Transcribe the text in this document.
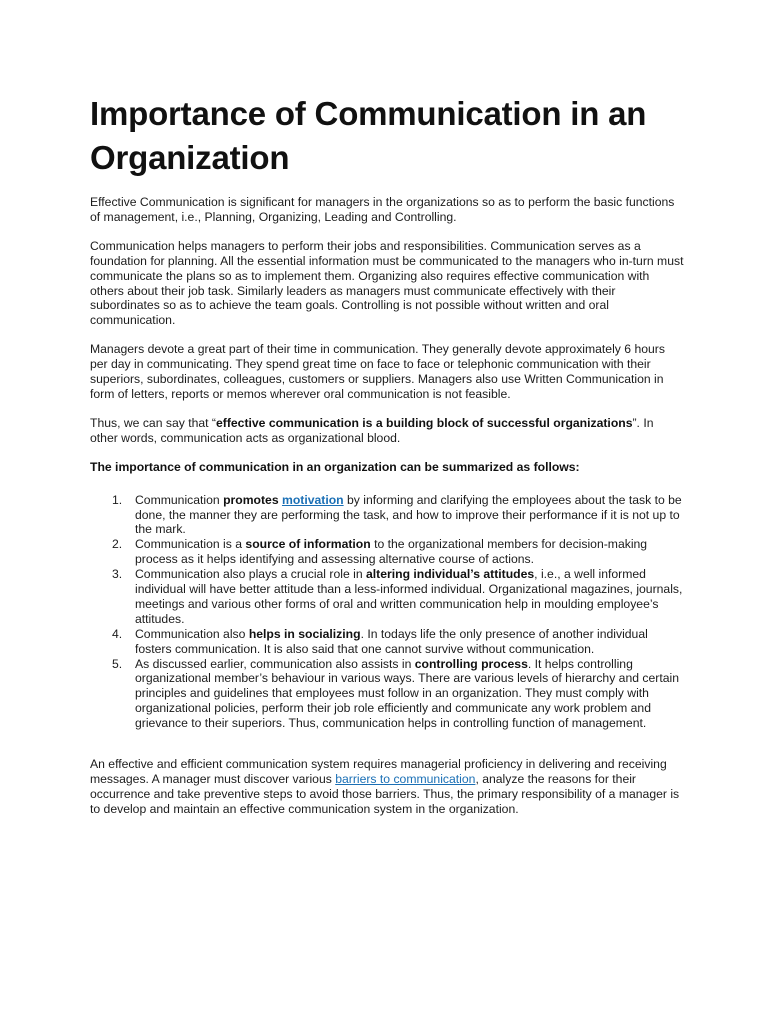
Importance of Communication in an Organization

Effective Communication is significant for managers in the organizations so as to perform the basic functions of management, i.e., Planning, Organizing, Leading and Controlling.

Communication helps managers to perform their jobs and responsibilities. Communication serves as a foundation for planning. All the essential information must be communicated to the managers who in-turn must communicate the plans so as to implement them. Organizing also requires effective communication with others about their job task. Similarly leaders as managers must communicate effectively with their subordinates so as to achieve the team goals. Controlling is not possible without written and oral communication.

Managers devote a great part of their time in communication. They generally devote approximately 6 hours per day in communicating. They spend great time on face to face or telephonic communication with their superiors, subordinates, colleagues, customers or suppliers. Managers also use Written Communication in form of letters, reports or memos wherever oral communication is not feasible.

Thus, we can say that “effective communication is a building block of successful organizations”. In other words, communication acts as organizational blood.

The importance of communication in an organization can be summarized as follows:

1. Communication promotes motivation by informing and clarifying the employees about the task to be done, the manner they are performing the task, and how to improve their performance if it is not up to the mark.
2. Communication is a source of information to the organizational members for decision-making process as it helps identifying and assessing alternative course of actions.
3. Communication also plays a crucial role in altering individual’s attitudes, i.e., a well informed individual will have better attitude than a less-informed individual. Organizational magazines, journals, meetings and various other forms of oral and written communication help in moulding employee’s attitudes.
4. Communication also helps in socializing. In todays life the only presence of another individual fosters communication. It is also said that one cannot survive without communication.
5. As discussed earlier, communication also assists in controlling process. It helps controlling organizational member’s behaviour in various ways. There are various levels of hierarchy and certain principles and guidelines that employees must follow in an organization. They must comply with organizational policies, perform their job role efficiently and communicate any work problem and grievance to their superiors. Thus, communication helps in controlling function of management.

An effective and efficient communication system requires managerial proficiency in delivering and receiving messages. A manager must discover various barriers to communication, analyze the reasons for their occurrence and take preventive steps to avoid those barriers. Thus, the primary responsibility of a manager is to develop and maintain an effective communication system in the organization.
